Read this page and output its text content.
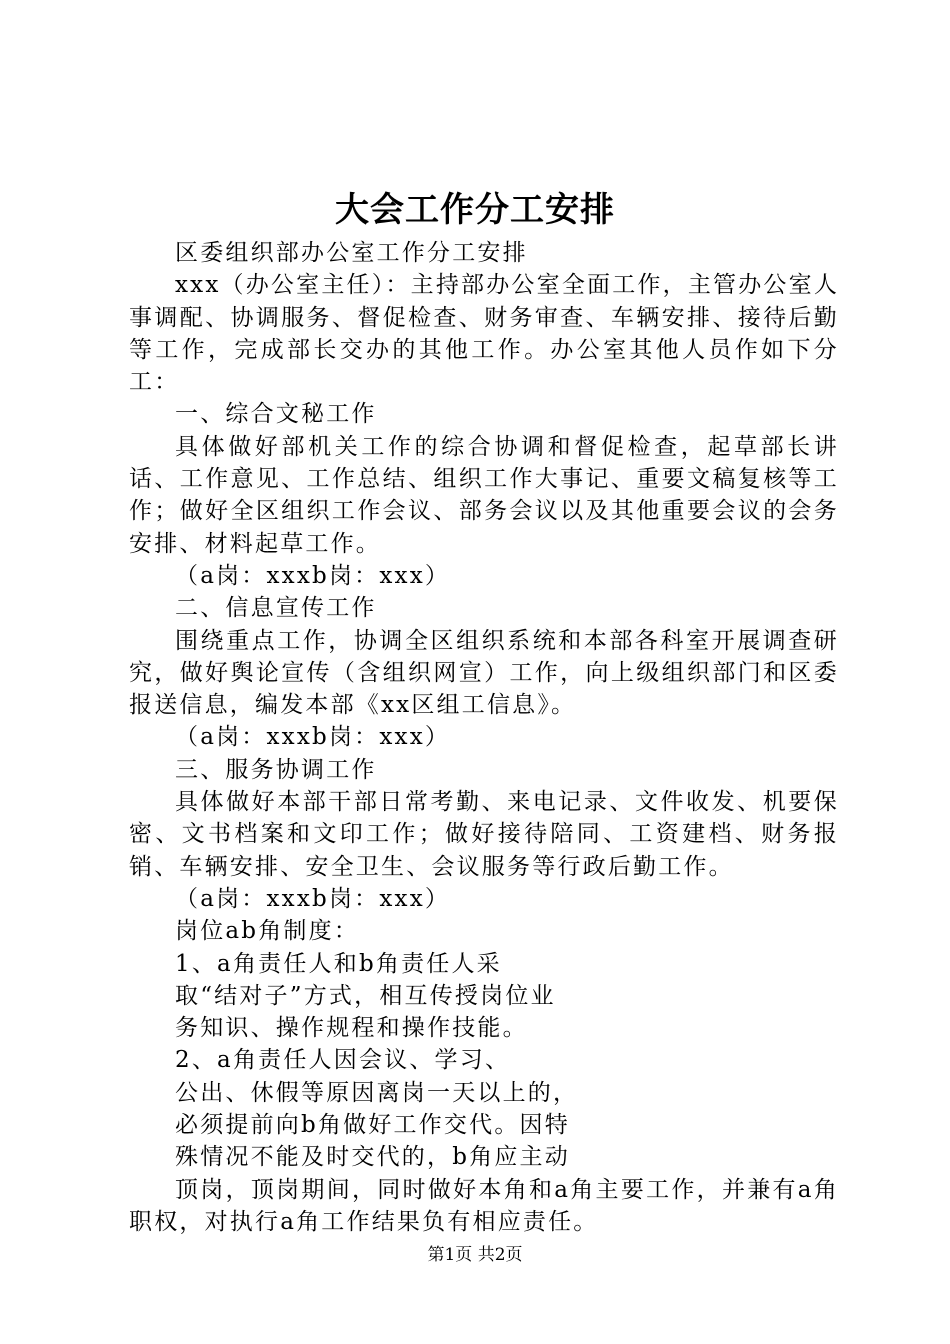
大会工作分工安排

区委组织部办公室工作分工安排

xxx（办公室主任）：主持部办公室全面工作，主管办公室人事调配、协调服务、督促检查、财务审查、车辆安排、接待后勤等工作，完成部长交办的其他工作。办公室其他人员作如下分工：

一、综合文秘工作

具体做好部机关工作的综合协调和督促检查，起草部长讲话、工作意见、工作总结、组织工作大事记、重要文稿复核等工作；做好全区组织工作会议、部务会议以及其他重要会议的会务安排、材料起草工作。

（a岗：xxxb岗：xxx）

二、信息宣传工作

围绕重点工作，协调全区组织系统和本部各科室开展调查研究，做好舆论宣传（含组织网宣）工作，向上级组织部门和区委报送信息，编发本部《xx区组工信息》。

（a岗：xxxb岗：xxx）

三、服务协调工作

具体做好本部干部日常考勤、来电记录、文件收发、机要保密、文书档案和文印工作；做好接待陪同、工资建档、财务报销、车辆安排、安全卫生、会议服务等行政后勤工作。

（a岗：xxxb岗：xxx）

岗位ab角制度：

1、a角责任人和b角责任人采

取“结对子”方式，相互传授岗位业

务知识、操作规程和操作技能。

2、a角责任人因会议、学习、

公出、休假等原因离岗一天以上的，

必须提前向b角做好工作交代。因特

殊情况不能及时交代的，b角应主动

顶岗，顶岗期间，同时做好本角和a角主要工作，并兼有a角职权，对执行a角工作结果负有相应责任。

第1页 共2页
